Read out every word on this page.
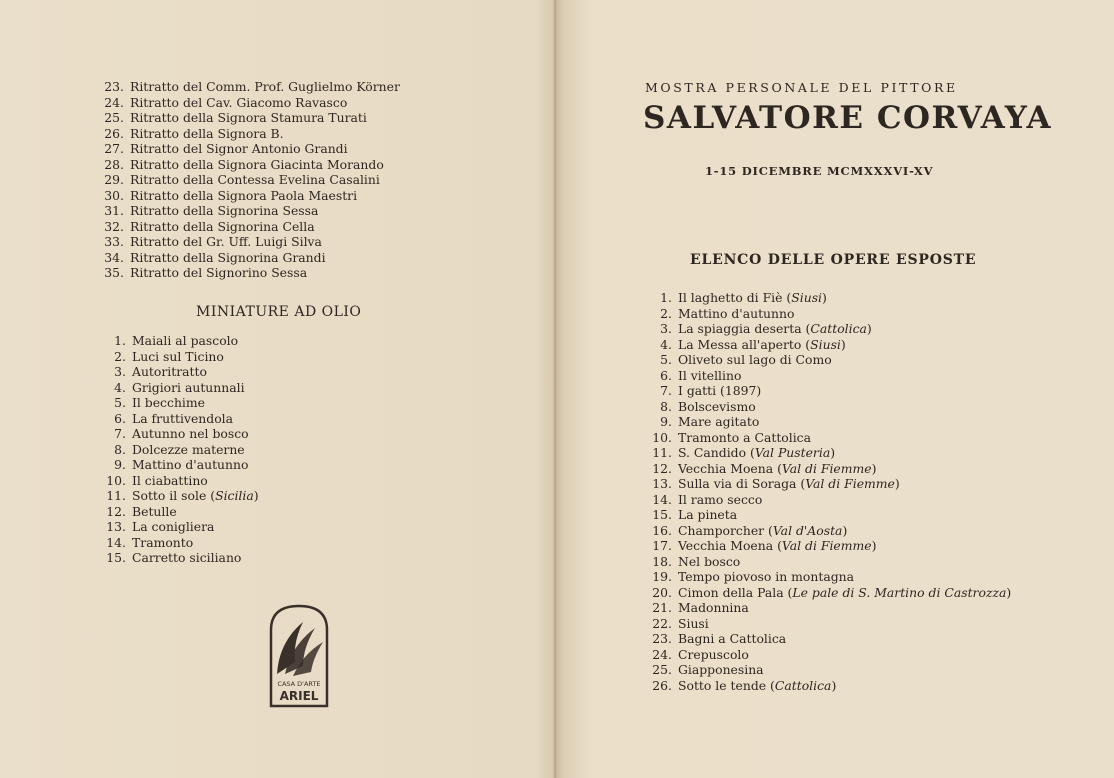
23. Ritratto del Comm. Prof. Guglielmo Körner
24. Ritratto del Cav. Giacomo Ravasco
25. Ritratto della Signora Stamura Turati
26. Ritratto della Signora B.
27. Ritratto del Signor Antonio Grandi
28. Ritratto della Signora Giacinta Morando
29. Ritratto della Contessa Evelina Casalini
30. Ritratto della Signora Paola Maestri
31. Ritratto della Signorina Sessa
32. Ritratto della Signorina Cella
33. Ritratto del Gr. Uff. Luigi Silva
34. Ritratto della Signorina Grandi
35. Ritratto del Signorino Sessa
MINIATURE AD OLIO
1. Maiali al pascolo
2. Luci sul Ticino
3. Autoritratto
4. Grigiori autunnali
5. Il becchime
6. La fruttivendola
7. Autunno nel bosco
8. Dolcezze materne
9. Mattino d'autunno
10. Il ciabattino
11. Sotto il sole (Sicilia)
12. Betulle
13. La conigliera
14. Tramonto
15. Carretto siciliano
CASA D'ARTE
ARIEL
MOSTRA PERSONALE DEL PITTORE
SALVATORE CORVAYA
1-15 DICEMBRE MCMXXXVI-XV
ELENCO DELLE OPERE ESPOSTE
1. Il laghetto di Fiè (Siusi)
2. Mattino d'autunno
3. La spiaggia deserta (Cattolica)
4. La Messa all'aperto (Siusi)
5. Oliveto sul lago di Como
6. Il vitellino
7. I gatti (1897)
8. Bolscevismo
9. Mare agitato
10. Tramonto a Cattolica
11. S. Candido (Val Pusteria)
12. Vecchia Moena (Val di Fiemme)
13. Sulla via di Soraga (Val di Fiemme)
14. Il ramo secco
15. La pineta
16. Champorcher (Val d'Aosta)
17. Vecchia Moena (Val di Fiemme)
18. Nel bosco
19. Tempo piovoso in montagna
20. Cimon della Pala (Le pale di S. Martino di Castrozza)
21. Madonnina
22. Siusi
23. Bagni a Cattolica
24. Crepuscolo
25. Giapponesina
26. Sotto le tende (Cattolica)
